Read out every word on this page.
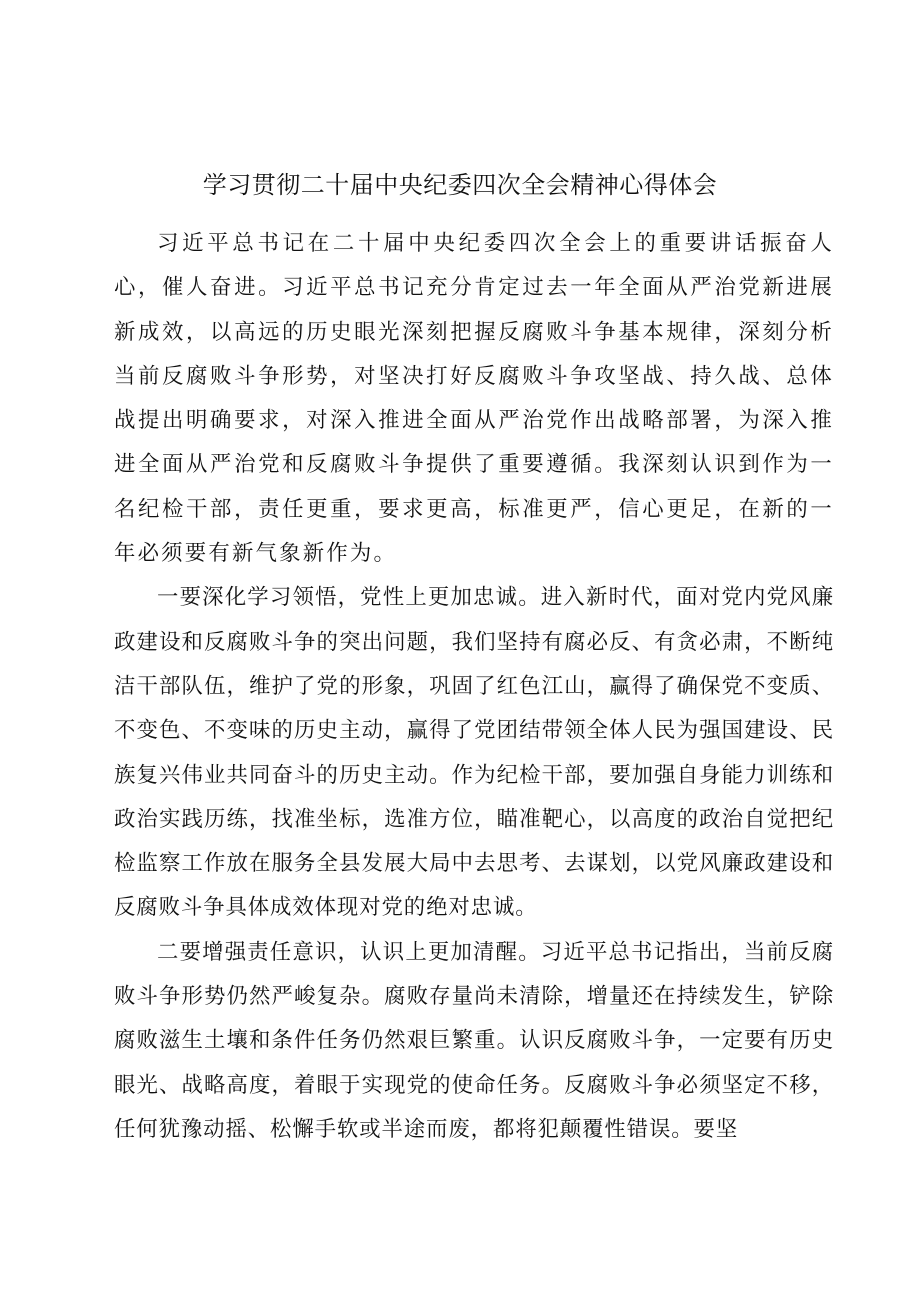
学习贯彻二十届中央纪委四次全会精神心得体会

习近平总书记在二十届中央纪委四次全会上的重要讲话振奋人心，催人奋进。习近平总书记充分肯定过去一年全面从严治党新进展新成效，以高远的历史眼光深刻把握反腐败斗争基本规律，深刻分析当前反腐败斗争形势，对坚决打好反腐败斗争攻坚战、持久战、总体战提出明确要求，对深入推进全面从严治党作出战略部署，为深入推进全面从严治党和反腐败斗争提供了重要遵循。我深刻认识到作为一名纪检干部，责任更重，要求更高，标准更严，信心更足，在新的一年必须要有新气象新作为。

一要深化学习领悟，党性上更加忠诚。进入新时代，面对党内党风廉政建设和反腐败斗争的突出问题，我们坚持有腐必反、有贪必肃，不断纯洁干部队伍，维护了党的形象，巩固了红色江山，赢得了确保党不变质、不变色、不变味的历史主动，赢得了党团结带领全体人民为强国建设、民族复兴伟业共同奋斗的历史主动。作为纪检干部，要加强自身能力训练和政治实践历练，找准坐标，选准方位，瞄准靶心，以高度的政治自觉把纪检监察工作放在服务全县发展大局中去思考、去谋划，以党风廉政建设和反腐败斗争具体成效体现对党的绝对忠诚。

二要增强责任意识，认识上更加清醒。习近平总书记指出，当前反腐败斗争形势仍然严峻复杂。腐败存量尚未清除，增量还在持续发生，铲除腐败滋生土壤和条件任务仍然艰巨繁重。认识反腐败斗争，一定要有历史眼光、战略高度，着眼于实现党的使命任务。反腐败斗争必须坚定不移，任何犹豫动摇、松懈手软或半途而废，都将犯颠覆性错误。要坚
